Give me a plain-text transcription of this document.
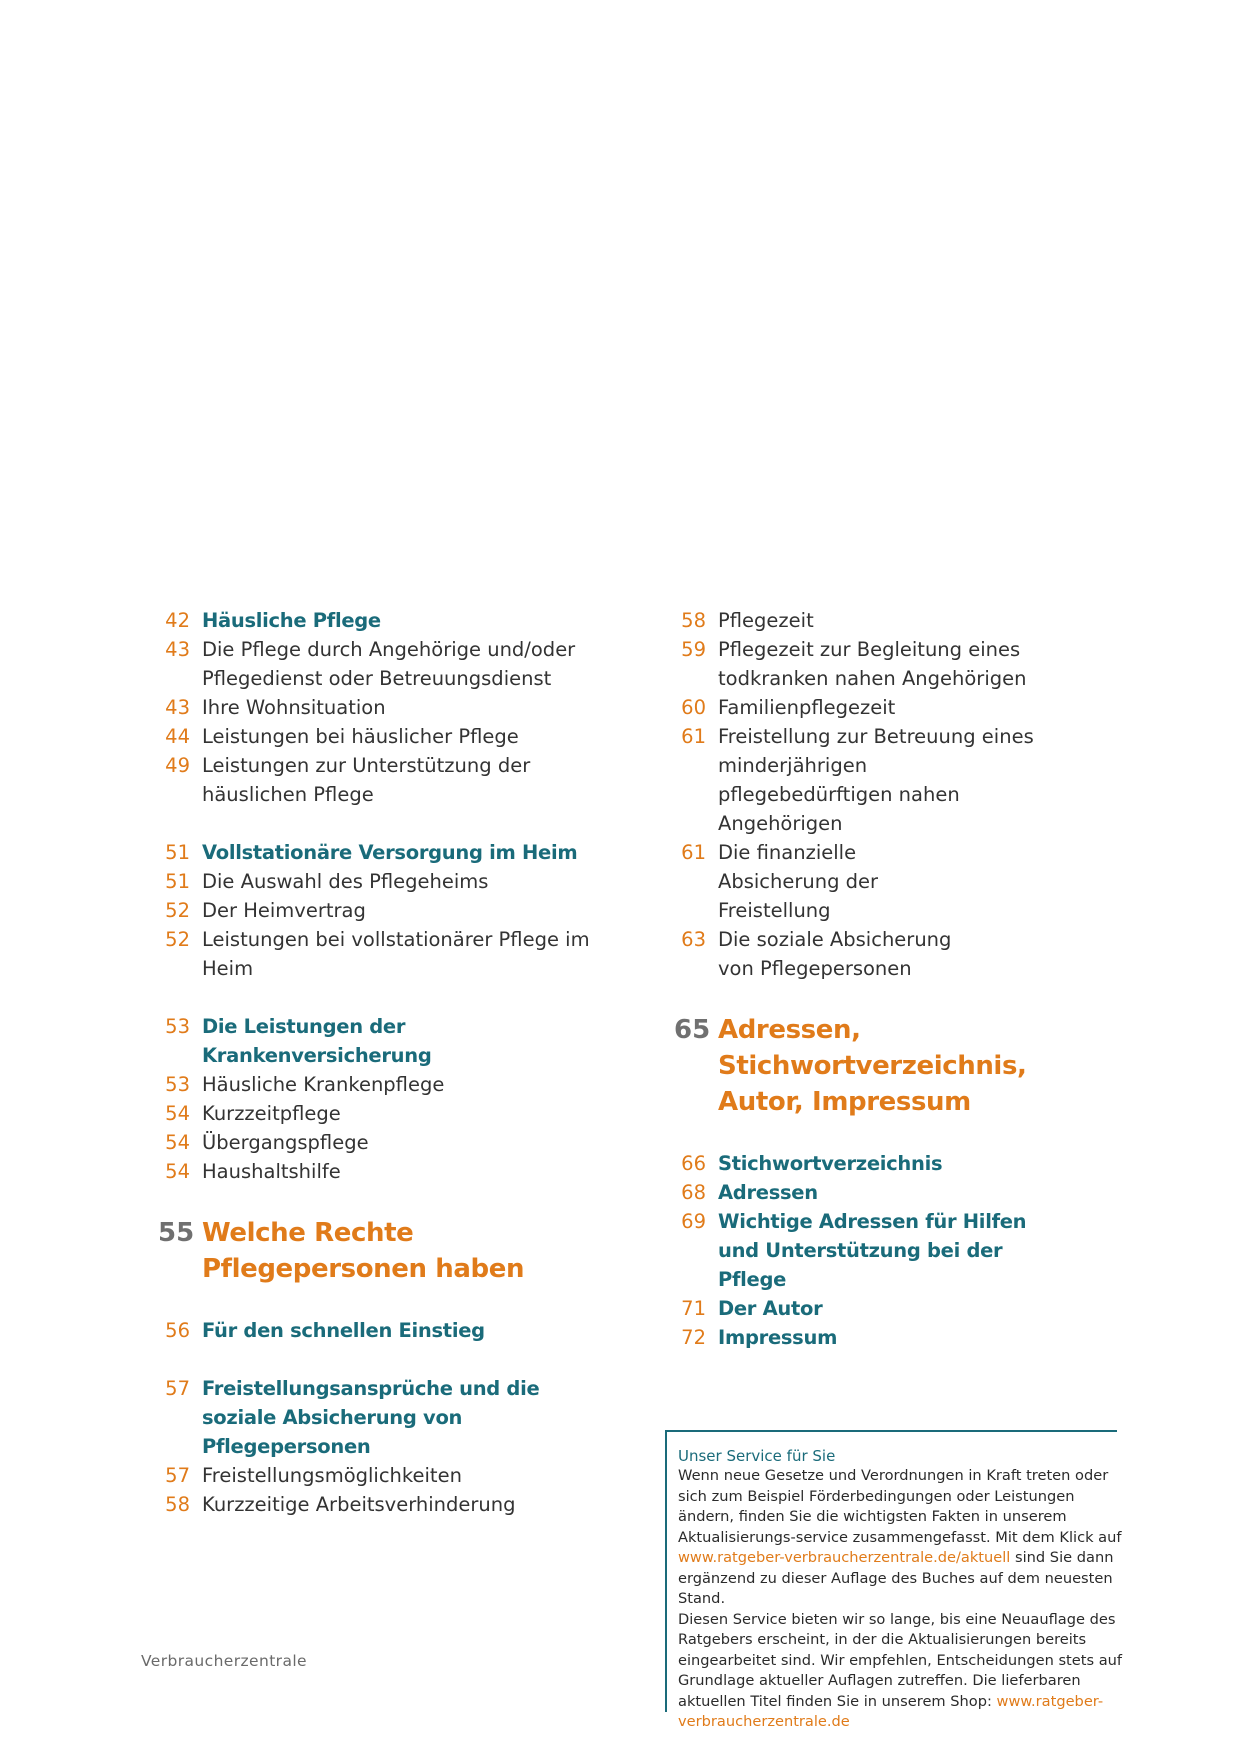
42 Häusliche Pflege
43 Die Pflege durch Angehörige und/oder Pflegedienst oder Betreuungsdienst
43 Ihre Wohnsituation
44 Leistungen bei häuslicher Pflege
49 Leistungen zur Unterstützung der häuslichen Pflege
51 Vollstationäre Versorgung im Heim
51 Die Auswahl des Pflegeheims
52 Der Heimvertrag
52 Leistungen bei vollstationärer Pflege im Heim
53 Die Leistungen der Krankenversicherung
53 Häusliche Krankenpflege
54 Kurzzeitpflege
54 Übergangspflege
54 Haushaltshilfe
55 Welche Rechte Pflegepersonen haben
56 Für den schnellen Einstieg
57 Freistellungsansprüche und die soziale Absicherung von Pflegepersonen
57 Freistellungsmöglichkeiten
58 Kurzzeitige Arbeitsverhinderung
58 Pflegezeit
59 Pflegezeit zur Begleitung eines todkranken nahen Angehörigen
60 Familienpflegezeit
61 Freistellung zur Betreuung eines minderjährigen pflegebedürftigen nahen Angehörigen
61 Die finanzielle Absicherung der Freistellung
63 Die soziale Absicherung von Pflegepersonen
65 Adressen, Stichwortverzeichnis, Autor, Impressum
66 Stichwortverzeichnis
68 Adressen
69 Wichtige Adressen für Hilfen und Unterstützung bei der Pflege
71 Der Autor
72 Impressum
Verbraucherzentrale
Unser Service für Sie
Wenn neue Gesetze und Verordnungen in Kraft treten oder sich zum Beispiel Förderbedingungen oder Leistungen ändern, finden Sie die wichtigsten Fakten in unserem Aktualisierungs-service zusammengefasst. Mit dem Klick auf www.ratgeber-verbraucherzentrale.de/aktuell sind Sie dann ergänzend zu dieser Auflage des Buches auf dem neuesten Stand.
Diesen Service bieten wir so lange, bis eine Neuauflage des Ratgebers erscheint, in der die Aktualisierungen bereits eingearbeitet sind. Wir empfehlen, Entscheidungen stets auf Grundlage aktueller Auflagen zutreffen. Die lieferbaren aktuellen Titel finden Sie in unserem Shop: www.ratgeber-verbraucherzentrale.de
